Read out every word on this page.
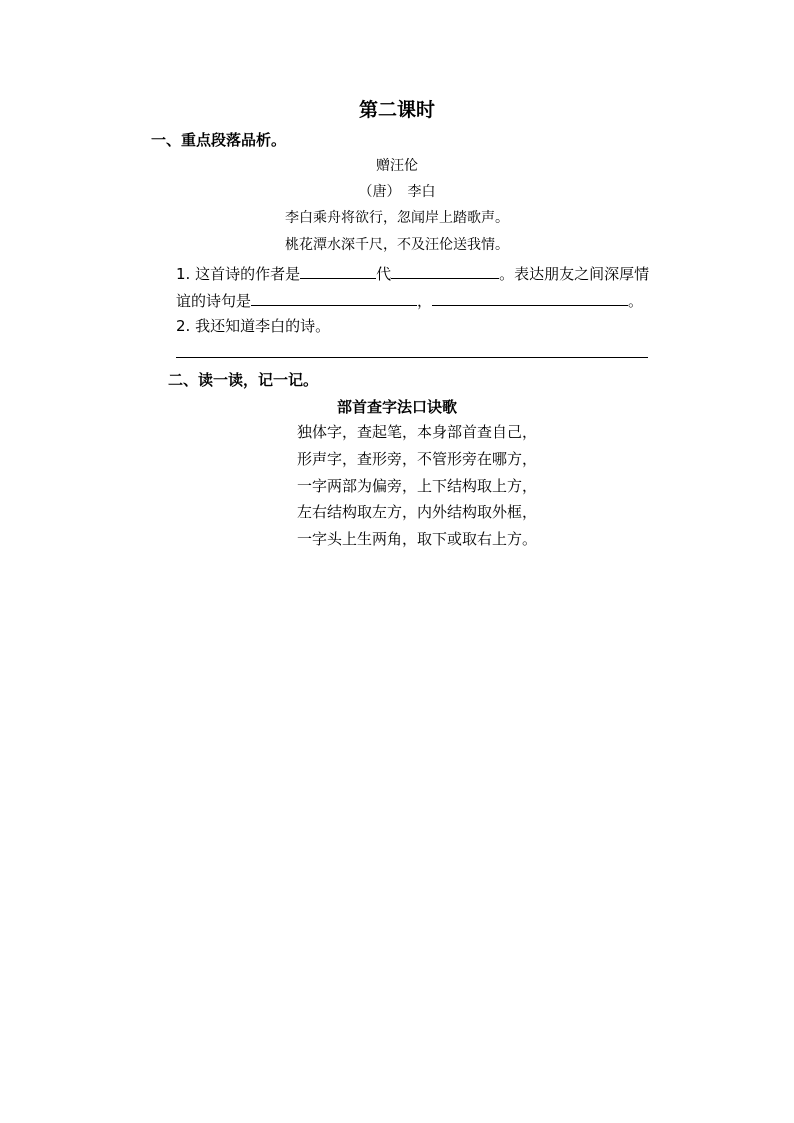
第二课时
一、重点段落品析。
赠汪伦
（唐）　李白
李白乘舟将欲行，忽闻岸上踏歌声。
桃花潭水深千尺，不及汪伦送我情。
1. 这首诗的作者是	代	。表达朋友之间深厚情
谊的诗句是	，	。
2. 我还知道李白的诗。
二、读一读，记一记。
部首查字法口诀歌
独体字，查起笔，本身部首查自己，
形声字，查形旁，不管形旁在哪方，
一字两部为偏旁，上下结构取上方，
左右结构取左方，内外结构取外框，
一字头上生两角，取下或取右上方。
